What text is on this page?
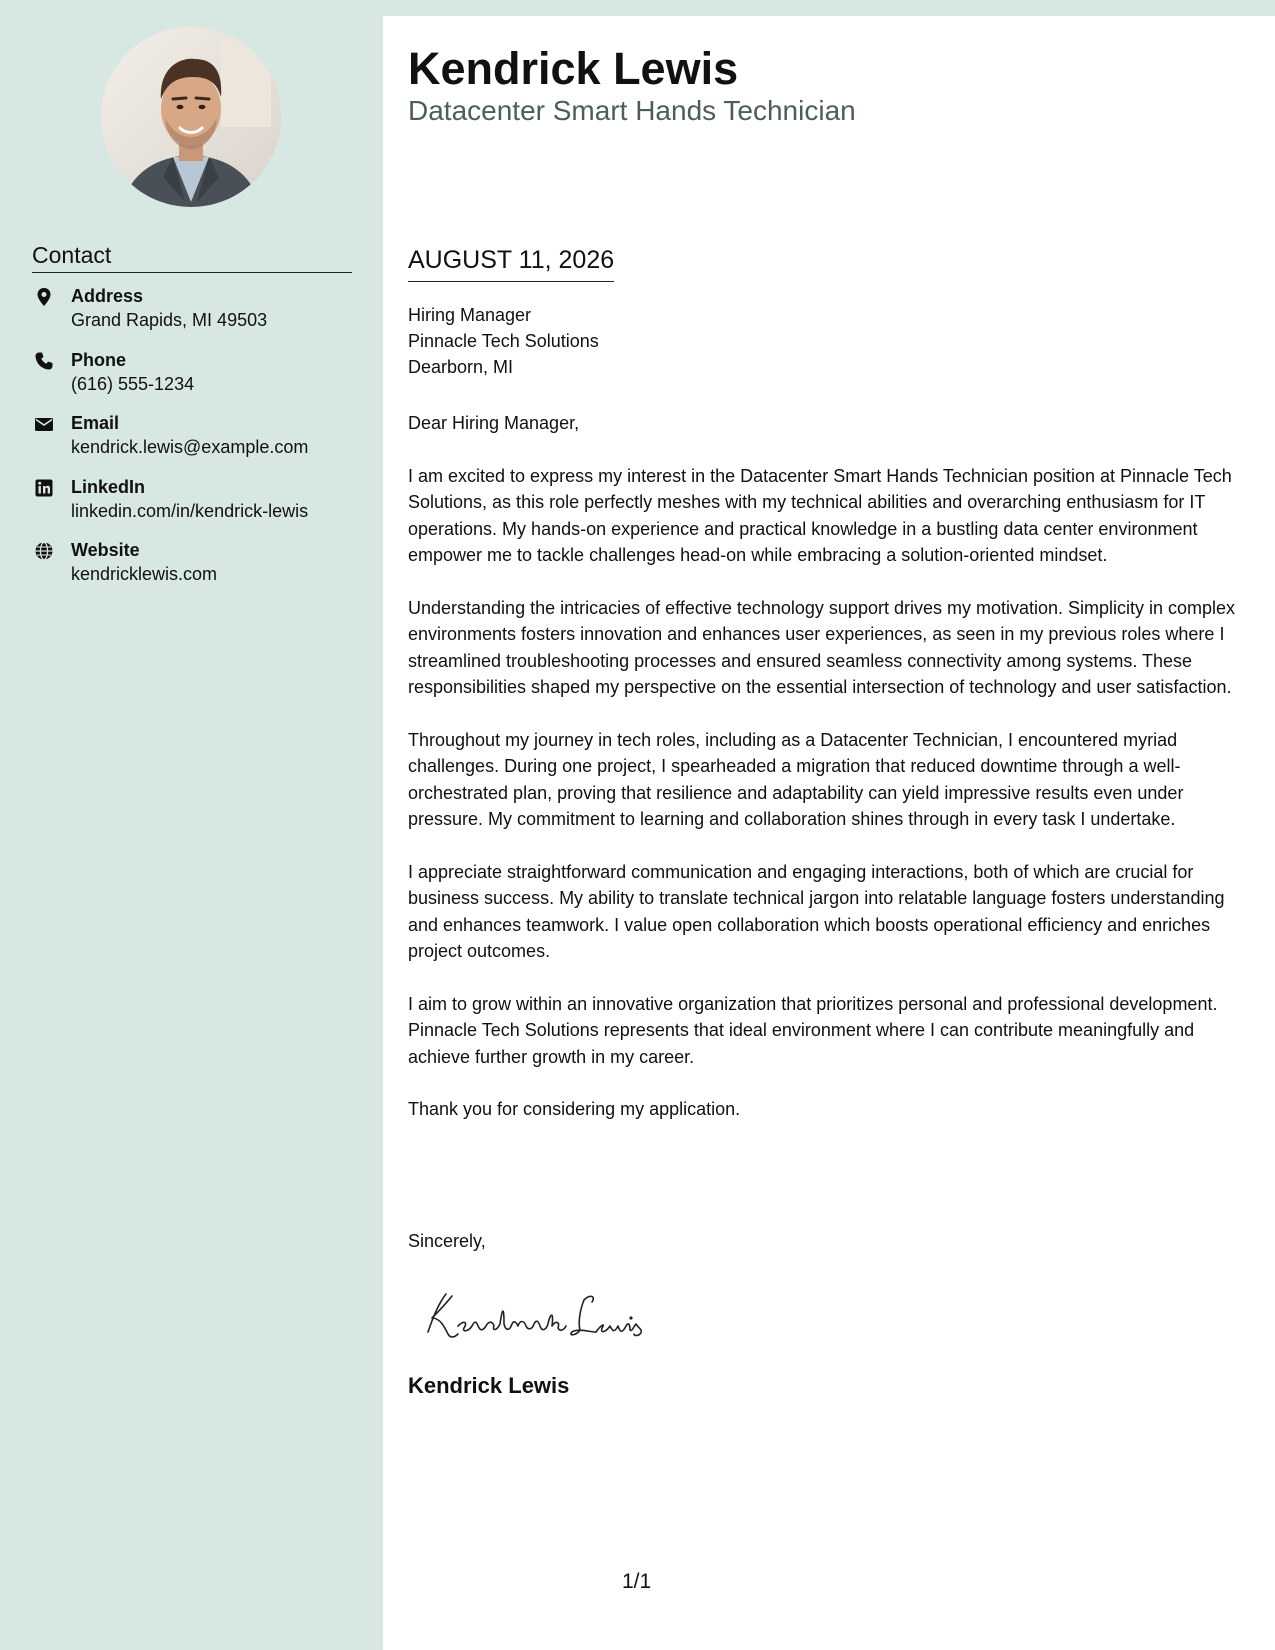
Contact
Address
Grand Rapids, MI 49503
Phone
(616) 555-1234
Email
kendrick.lewis@example.com
LinkedIn
linkedin.com/in/kendrick-lewis
Website
kendricklewis.com
Kendrick Lewis
Datacenter Smart Hands Technician
AUGUST 11, 2026
Hiring Manager
Pinnacle Tech Solutions
Dearborn, MI

Dear Hiring Manager,

I am excited to express my interest in the Datacenter Smart Hands Technician position at Pinnacle Tech Solutions, as this role perfectly meshes with my technical abilities and overarching enthusiasm for IT operations. My hands-on experience and practical knowledge in a bustling data center environment empower me to tackle challenges head-on while embracing a solution-oriented mindset.

Understanding the intricacies of effective technology support drives my motivation. Simplicity in complex environments fosters innovation and enhances user experiences, as seen in my previous roles where I streamlined troubleshooting processes and ensured seamless connectivity among systems. These responsibilities shaped my perspective on the essential intersection of technology and user satisfaction.

Throughout my journey in tech roles, including as a Datacenter Technician, I encountered myriad challenges. During one project, I spearheaded a migration that reduced downtime through a well-orchestrated plan, proving that resilience and adaptability can yield impressive results even under pressure. My commitment to learning and collaboration shines through in every task I undertake.

I appreciate straightforward communication and engaging interactions, both of which are crucial for business success. My ability to translate technical jargon into relatable language fosters understanding and enhances teamwork. I value open collaboration which boosts operational efficiency and enriches project outcomes.

I aim to grow within an innovative organization that prioritizes personal and professional development. Pinnacle Tech Solutions represents that ideal environment where I can contribute meaningfully and achieve further growth in my career.

Thank you for considering my application.

Sincerely,
Kendrick Lewis
1/1
